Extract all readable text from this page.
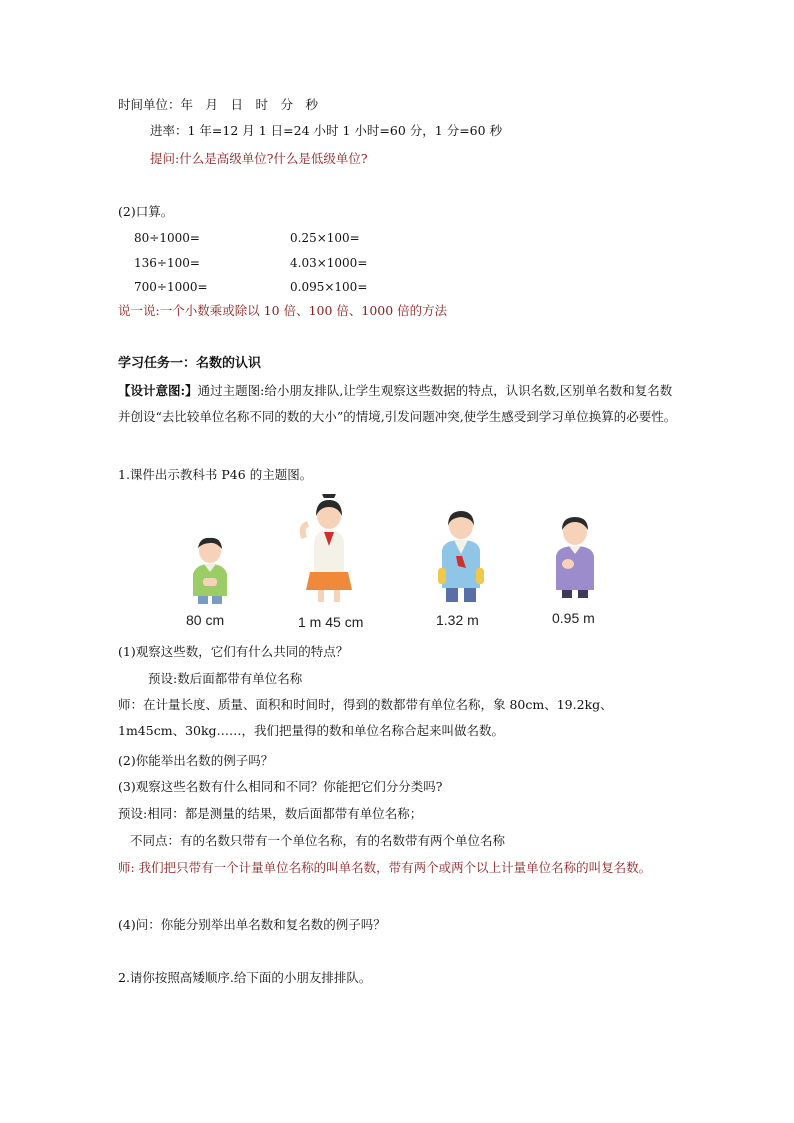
时间单位：年　月　日　时　分　秒
进率：1 年=12 月 1 日=24 小时 1 小时=60 分，1 分=60 秒
提问:什么是高级单位?什么是低级单位?
(2)口算。
80÷1000=	0.25×100=
136÷100=	4.03×1000=
700÷1000=	0.095×100=
说一说:一个小数乘或除以 10 倍、100 倍、1000 倍的方法
学习任务一：名数的认识
【设计意图:】通过主题图:给小朋友排队,让学生观察这些数据的特点，认识名数,区别单名数和复名数并创设“去比较单位名称不同的数的大小”的情境,引发问题冲突,使学生感受到学习单位换算的必要性。
1.课件出示教科书 P46 的主题图。
80 cm	1 m 45 cm	1.32 m	0.95 m
(1)观察这些数，它们有什么共同的特点？
预设:数后面都带有单位名称
师：在计量长度、质量、面积和时间时，得到的数都带有单位名称，象 80cm、19.2kg、1m45cm、30kg……，我们把量得的数和单位名称合起来叫做名数。
(2)你能举出名数的例子吗？
(3)观察这些名数有什么相同和不同？你能把它们分分类吗?
预设:相同：都是测量的结果，数后面都带有单位名称；
不同点：有的名数只带有一个单位名称，有的名数带有两个单位名称
师: 我们把只带有一个计量单位名称的叫单名数，带有两个或两个以上计量单位名称的叫复名数。
(4)问：你能分别举出单名数和复名数的例子吗？
2.请你按照高矮顺序.给下面的小朋友排排队。
